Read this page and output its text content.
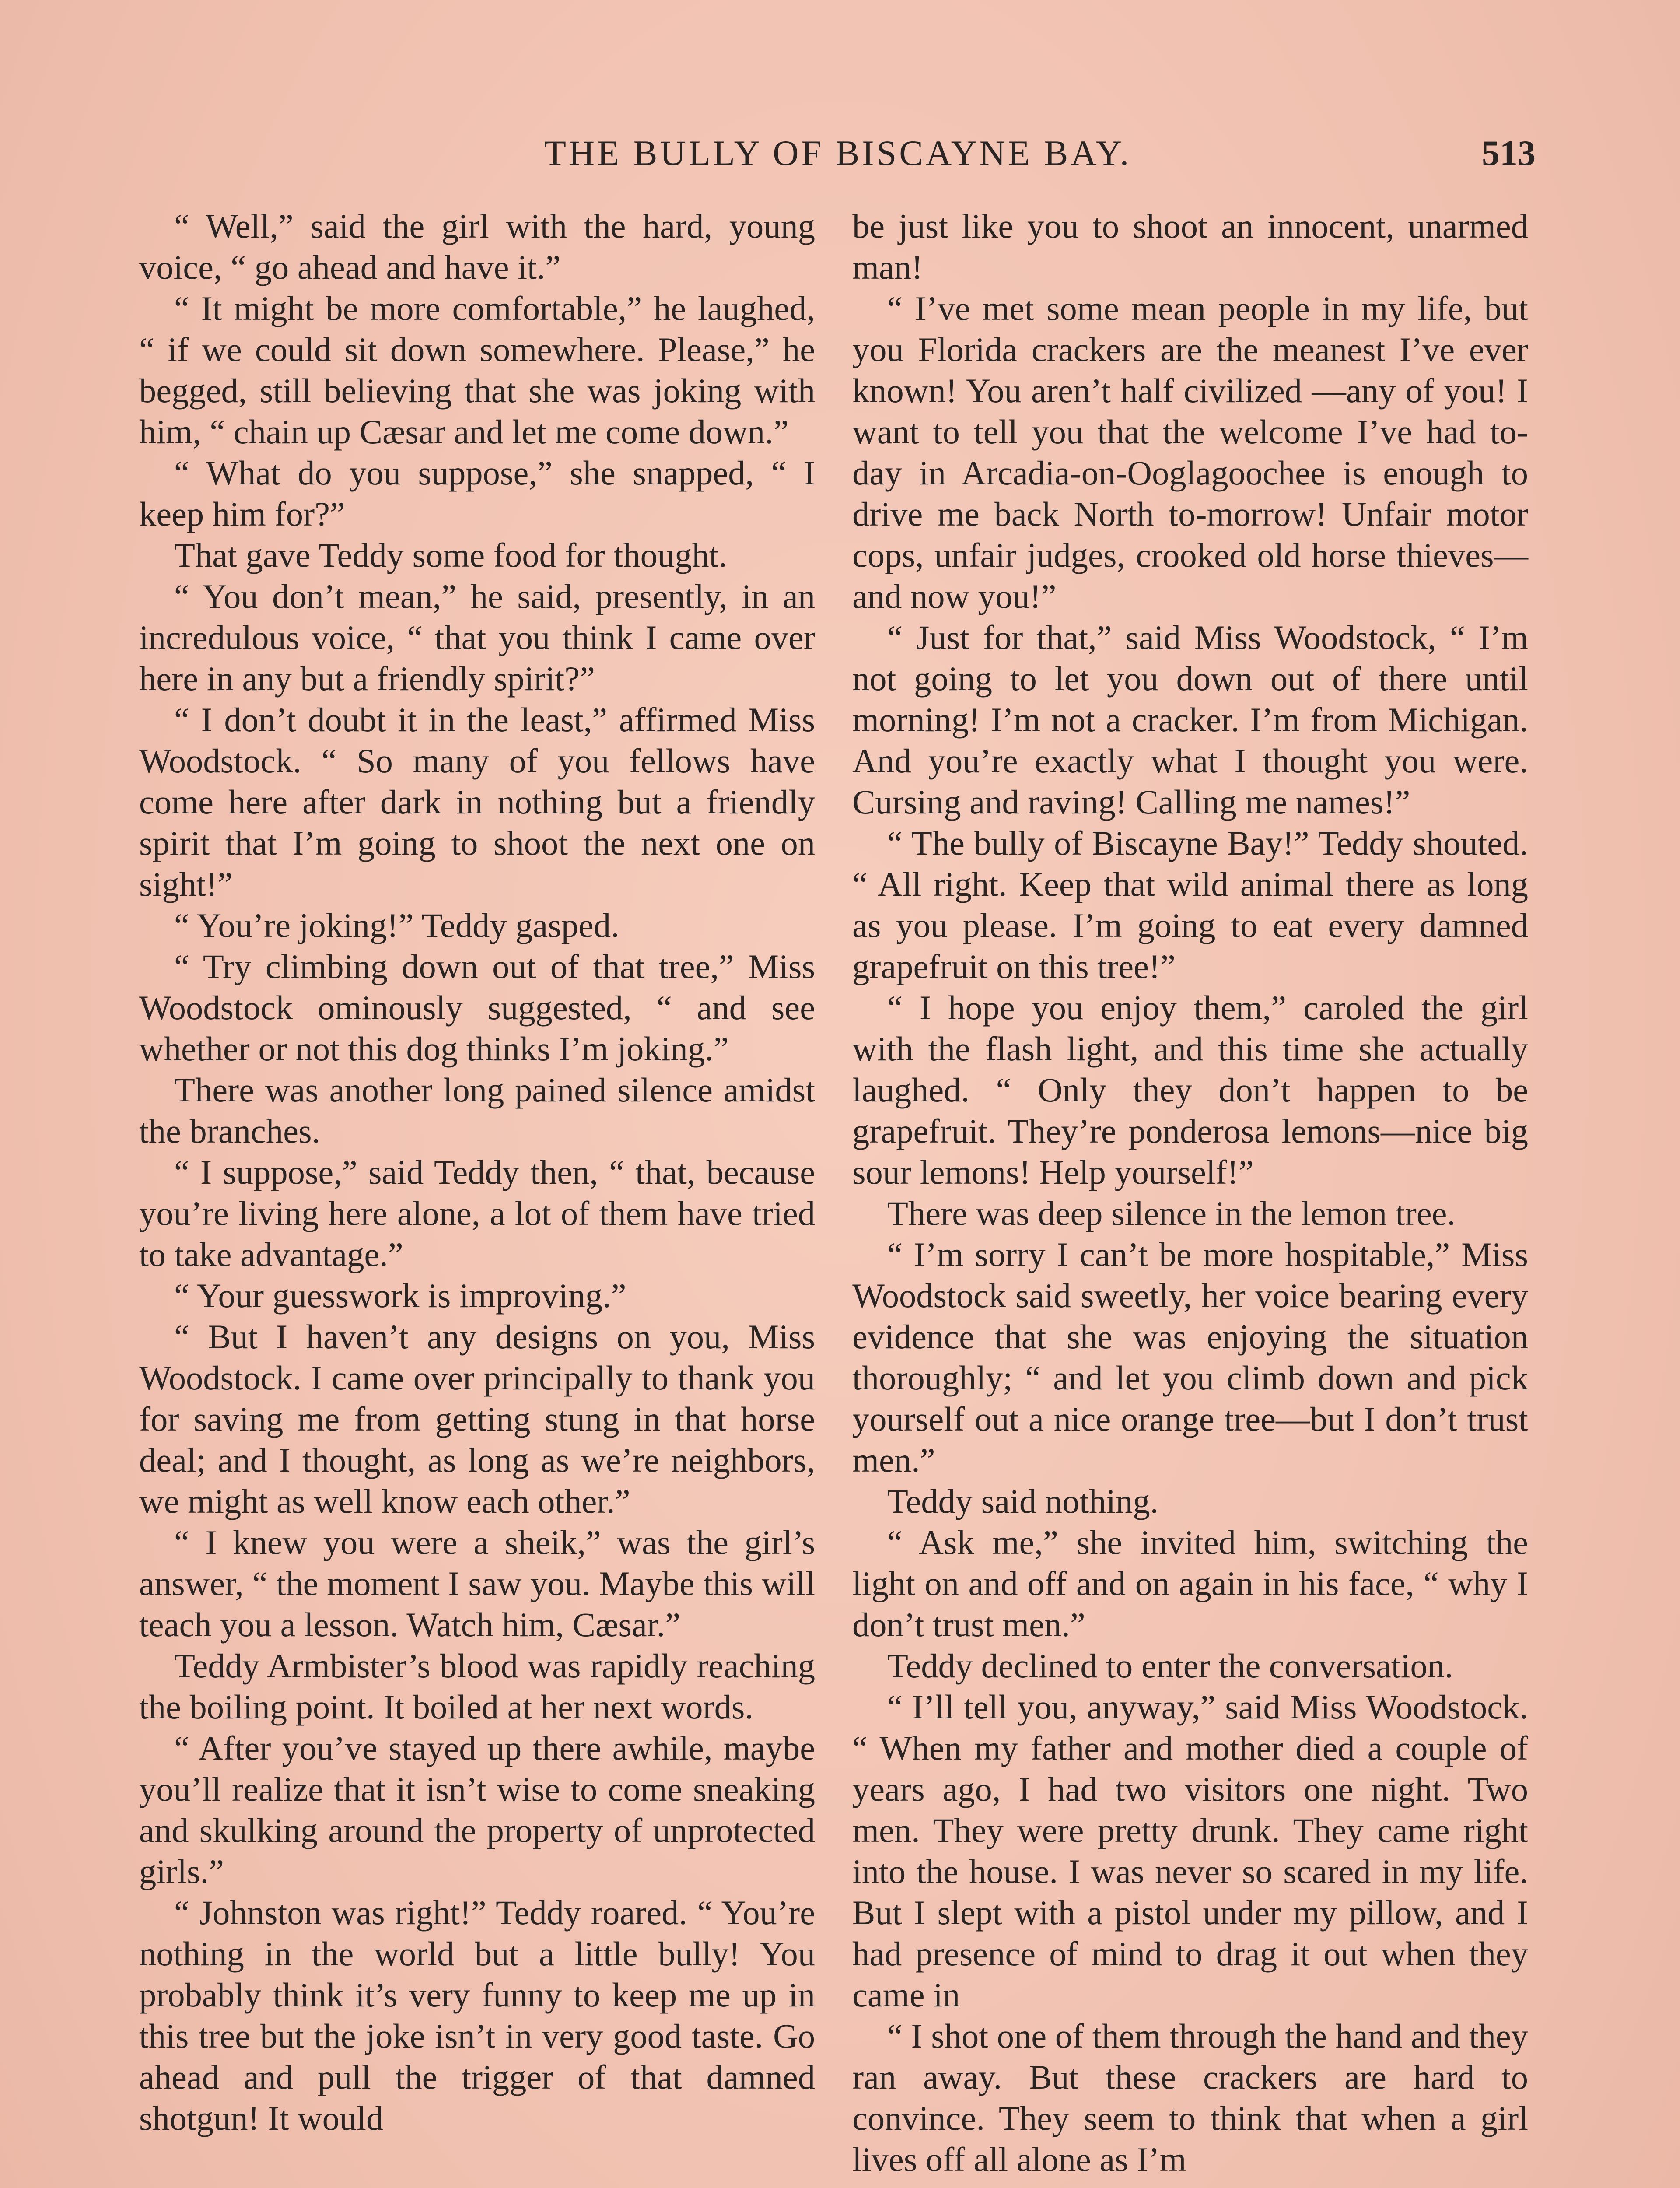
THE BULLY OF BISCAYNE BAY.	513

“ Well,” said the girl with the hard, young voice, “ go ahead and have it.”

“ It might be more comfortable,” he laughed, “ if we could sit down somewhere. Please,” he begged, still believing that she was joking with him, “ chain up Cæsar and let me come down.”

“ What do you suppose,” she snapped, “ I keep him for?”

That gave Teddy some food for thought.

“ You don’t mean,” he said, presently, in an incredulous voice, “ that you think I came over here in any but a friendly spirit?”

“ I don’t doubt it in the least,” affirmed Miss Woodstock. “ So many of you fellows have come here after dark in nothing but a friendly spirit that I’m going to shoot the next one on sight!”

“ You’re joking!” Teddy gasped.

“ Try climbing down out of that tree,” Miss Woodstock ominously suggested, “ and see whether or not this dog thinks I’m joking.”

There was another long pained silence amidst the branches.

“ I suppose,” said Teddy then, “ that, because you’re living here alone, a lot of them have tried to take advantage.”

“ Your guesswork is improving.”

“ But I haven’t any designs on you, Miss Woodstock. I came over principally to thank you for saving me from getting stung in that horse deal; and I thought, as long as we’re neighbors, we might as well know each other.”

“ I knew you were a sheik,” was the girl’s answer, “ the moment I saw you. Maybe this will teach you a lesson. Watch him, Cæsar.”

Teddy Armbister’s blood was rapidly reaching the boiling point. It boiled at her next words.

“ After you’ve stayed up there awhile, maybe you’ll realize that it isn’t wise to come sneaking and skulking around the property of unprotected girls.”

“ Johnston was right!” Teddy roared. “ You’re nothing in the world but a little bully! You probably think it’s very funny to keep me up in this tree but the joke isn’t in very good taste. Go ahead and pull the trigger of that damned shotgun! It would

be just like you to shoot an innocent, unarmed man!

“ I’ve met some mean people in my life, but you Florida crackers are the meanest I’ve ever known! You aren’t half civilized —any of you! I want to tell you that the welcome I’ve had to-day in Arcadia-on-Ooglagoochee is enough to drive me back North to-morrow! Unfair motor cops, unfair judges, crooked old horse thieves— and now you!”

“ Just for that,” said Miss Woodstock, “ I’m not going to let you down out of there until morning! I’m not a cracker. I’m from Michigan. And you’re exactly what I thought you were. Cursing and raving! Calling me names!”

“ The bully of Biscayne Bay!” Teddy shouted. “ All right. Keep that wild animal there as long as you please. I’m going to eat every damned grapefruit on this tree!”

“ I hope you enjoy them,” caroled the girl with the flash light, and this time she actually laughed. “ Only they don’t happen to be grapefruit. They’re ponderosa lemons—nice big sour lemons! Help yourself!”

There was deep silence in the lemon tree.

“ I’m sorry I can’t be more hospitable,” Miss Woodstock said sweetly, her voice bearing every evidence that she was enjoying the situation thoroughly; “ and let you climb down and pick yourself out a nice orange tree—but I don’t trust men.”

Teddy said nothing.

“ Ask me,” she invited him, switching the light on and off and on again in his face, “ why I don’t trust men.”

Teddy declined to enter the conversation.

“ I’ll tell you, anyway,” said Miss Woodstock. “ When my father and mother died a couple of years ago, I had two visitors one night. Two men. They were pretty drunk. They came right into the house. I was never so scared in my life. But I slept with a pistol under my pillow, and I had presence of mind to drag it out when they came in

“ I shot one of them through the hand and they ran away. But these crackers are hard to convince. They seem to think that when a girl lives off all alone as I’m
